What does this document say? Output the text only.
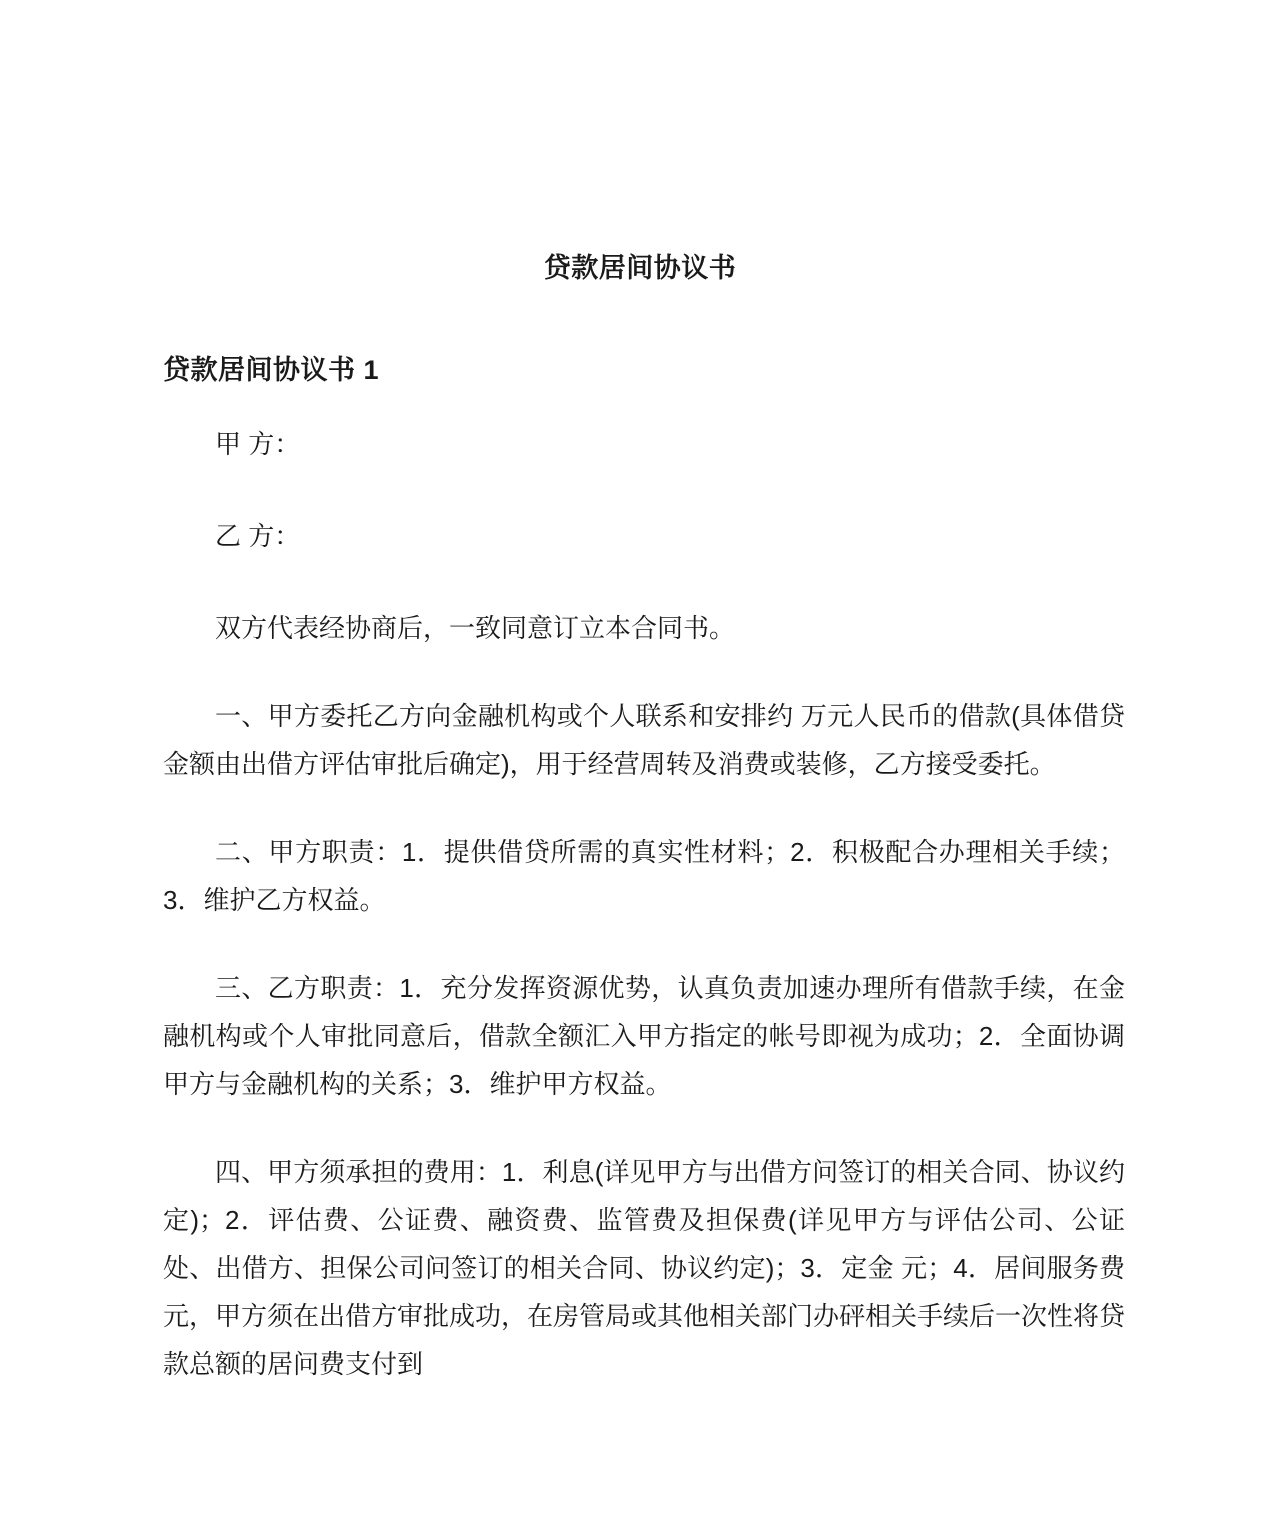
贷款居间协议书
贷款居间协议书 1

甲 方：

乙 方：

双方代表经协商后，一致同意订立本合同书。

一、甲方委托乙方向金融机构或个人联系和安排约 万元人民币的借款(具体借贷金额由出借方评估审批后确定)，用于经营周转及消费或装修，乙方接受委托。

二、甲方职责：1．提供借贷所需的真实性材料；2．积极配合办理相关手续；3．维护乙方权益。

三、乙方职责：1．充分发挥资源优势，认真负责加速办理所有借款手续，在金融机构或个人审批同意后，借款全额汇入甲方指定的帐号即视为成功；2．全面协调甲方与金融机构的关系；3．维护甲方权益。

四、甲方须承担的费用：1．利息(详见甲方与出借方问签订的相关合同、协议约定)；2．评估费、公证费、融资费、监管费及担保费(详见甲方与评估公司、公证处、出借方、担保公司问签订的相关合同、协议约定)；3．定金 元；4．居间服务费 元，甲方须在出借方审批成功，在房管局或其他相关部门办砰相关手续后一次性将贷款总额的居问费支付到
